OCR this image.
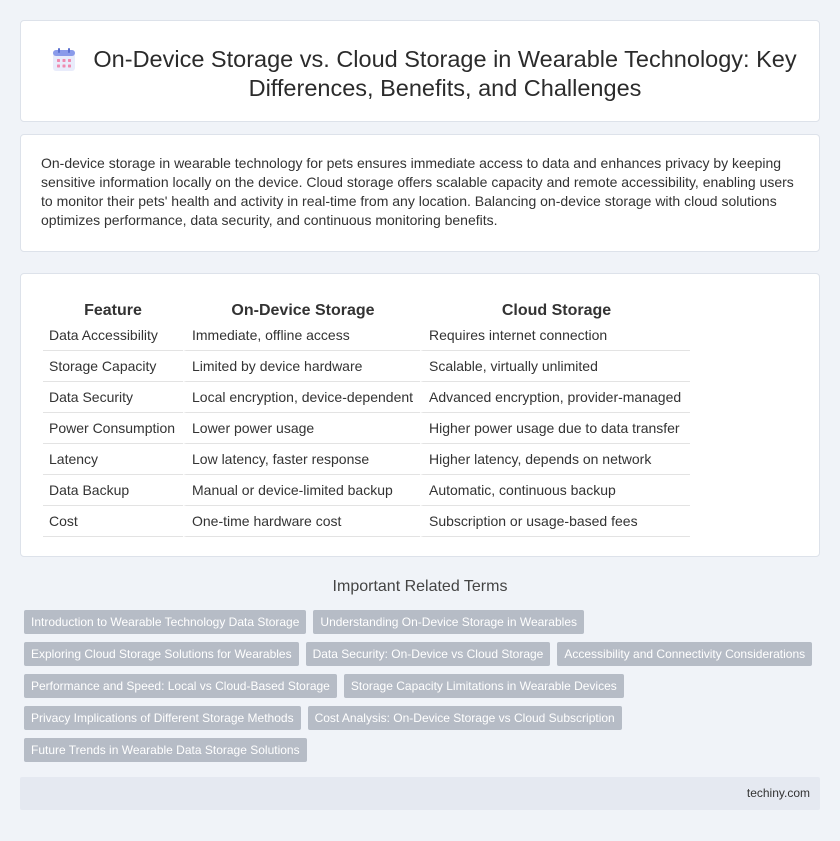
On-Device Storage vs. Cloud Storage in Wearable Technology: Key Differences, Benefits, and Challenges

On-device storage in wearable technology for pets ensures immediate access to data and enhances privacy by keeping sensitive information locally on the device. Cloud storage offers scalable capacity and remote accessibility, enabling users to monitor their pets' health and activity in real-time from any location. Balancing on-device storage with cloud solutions optimizes performance, data security, and continuous monitoring benefits.

Feature	On-Device Storage	Cloud Storage
Data Accessibility	Immediate, offline access	Requires internet connection
Storage Capacity	Limited by device hardware	Scalable, virtually unlimited
Data Security	Local encryption, device-dependent	Advanced encryption, provider-managed
Power Consumption	Lower power usage	Higher power usage due to data transfer
Latency	Low latency, faster response	Higher latency, depends on network
Data Backup	Manual or device-limited backup	Automatic, continuous backup
Cost	One-time hardware cost	Subscription or usage-based fees
Important Related Terms
Introduction to Wearable Technology Data Storage	Understanding On-Device Storage in Wearables
Exploring Cloud Storage Solutions for Wearables	Data Security: On-Device vs Cloud Storage	Accessibility and Connectivity Considerations
Performance and Speed: Local vs Cloud-Based Storage	Storage Capacity Limitations in Wearable Devices
Privacy Implications of Different Storage Methods	Cost Analysis: On-Device Storage vs Cloud Subscription
Future Trends in Wearable Data Storage Solutions
techiny.com
